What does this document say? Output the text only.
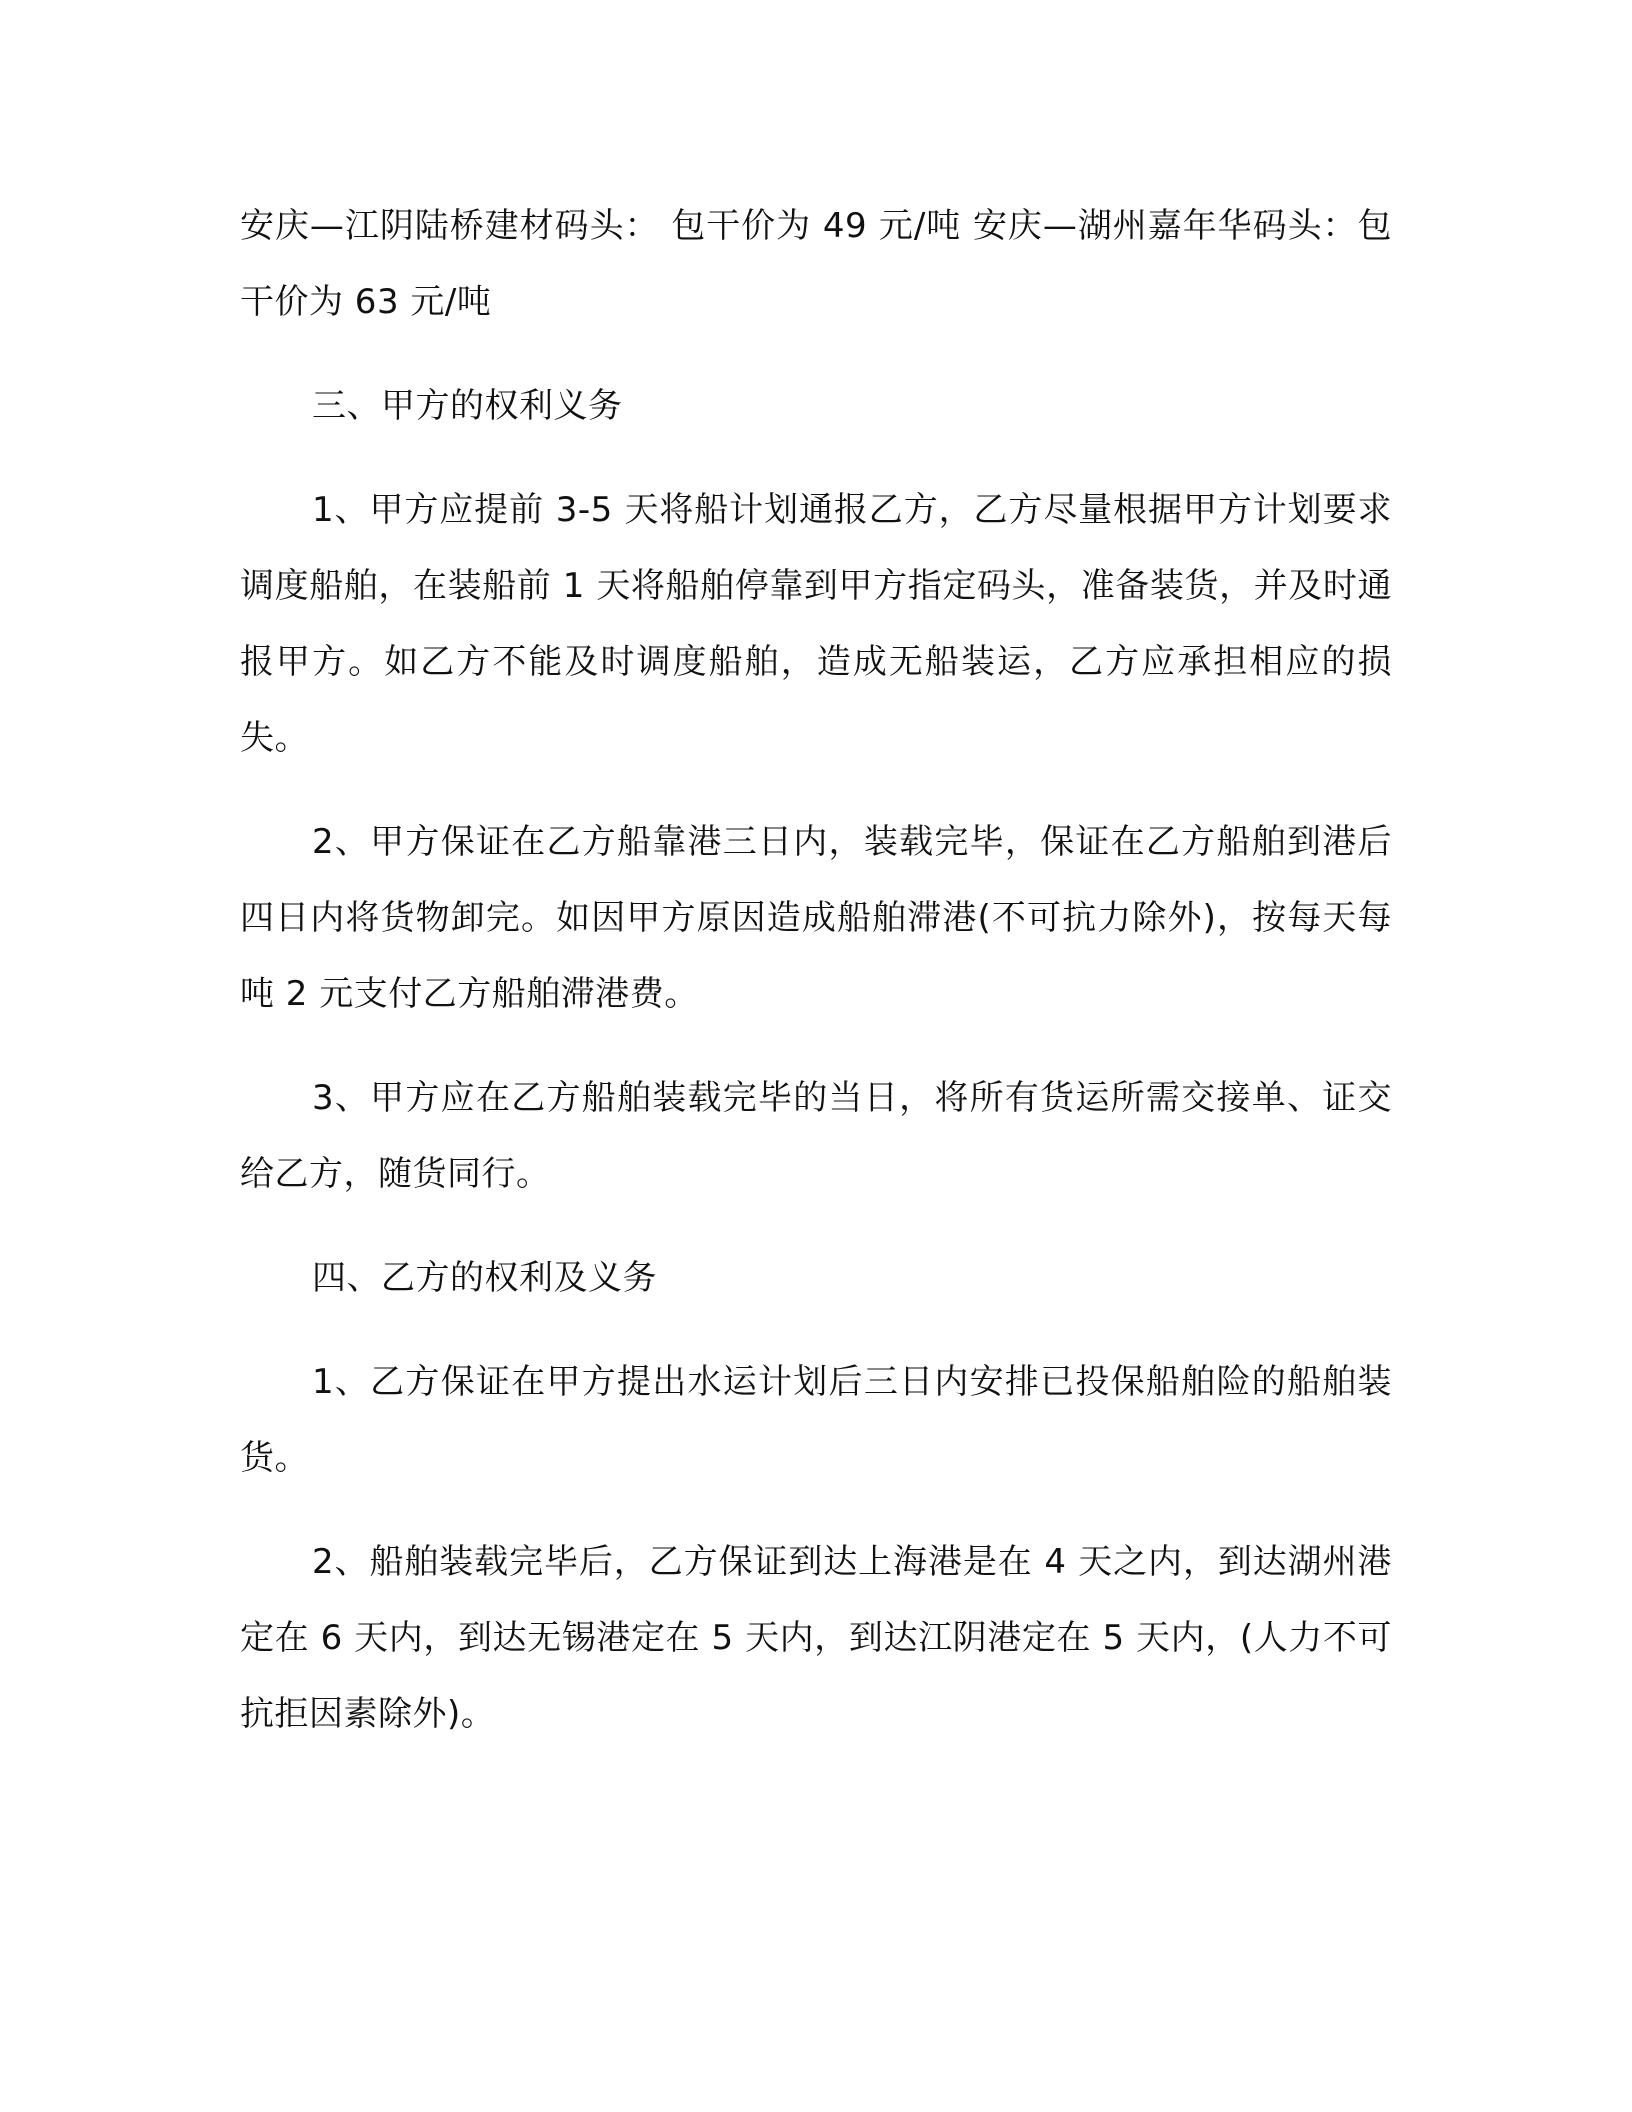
安庆—江阴陆桥建材码头： 包干价为 49 元/吨 安庆—湖州嘉年华码头：包干价为 63 元/吨

三、甲方的权利义务

1、甲方应提前 3-5 天将船计划通报乙方，乙方尽量根据甲方计划要求调度船舶，在装船前 1 天将船舶停靠到甲方指定码头，准备装货，并及时通报甲方。如乙方不能及时调度船舶，造成无船装运，乙方应承担相应的损失。

2、甲方保证在乙方船靠港三日内，装载完毕，保证在乙方船舶到港后四日内将货物卸完。如因甲方原因造成船舶滞港(不可抗力除外)，按每天每吨 2 元支付乙方船舶滞港费。

3、甲方应在乙方船舶装载完毕的当日，将所有货运所需交接单、证交给乙方，随货同行。

四、乙方的权利及义务

1、乙方保证在甲方提出水运计划后三日内安排已投保船舶险的船舶装货。

2、船舶装载完毕后，乙方保证到达上海港是在 4 天之内，到达湖州港定在 6 天内，到达无锡港定在 5 天内，到达江阴港定在 5 天内，(人力不可抗拒因素除外)。
